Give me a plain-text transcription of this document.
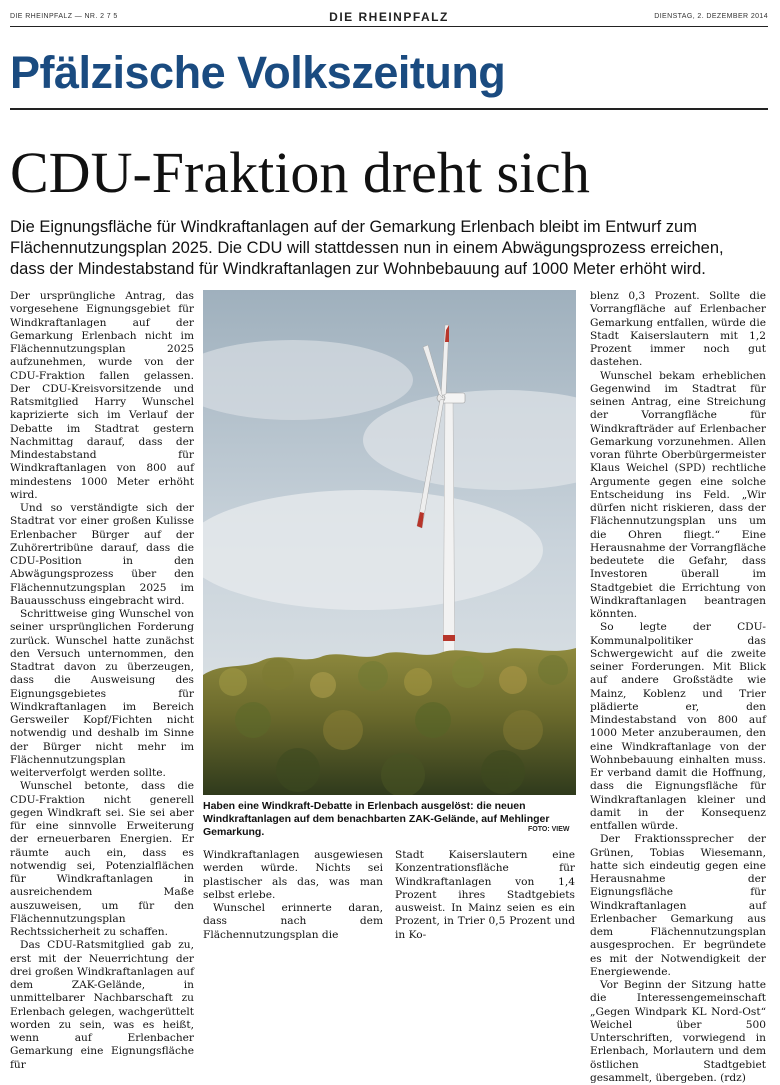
DIE RHEINPFALZ — NR. 2 7 5	DIE RHEINPFALZ	DIENSTAG, 2. DEZEMBER 2014
Pfälzische Volkszeitung
CDU-Fraktion dreht sich
Die Eignungsfläche für Windkraftanlagen auf der Gemarkung Erlenbach bleibt im Entwurf zum
Flächennutzungsplan 2025. Die CDU will stattdessen nun in einem Abwägungsprozess erreichen,
dass der Mindestabstand für Windkraftanlagen zur Wohnbebauung auf 1000 Meter erhöht wird.

Der ursprüngliche Antrag, das vorgesehene Eignungsgebiet für Windkraftanlagen auf der Gemarkung Erlenbach nicht im Flächennutzungsplan 2025 aufzunehmen, wurde von der CDU-Fraktion fallen gelassen. Der CDU-Kreisvorsitzende und Ratsmitglied Harry Wunschel kaprizierte sich im Verlauf der Debatte im Stadtrat gestern Nachmittag darauf, dass der Mindestabstand für Windkraftanlagen von 800 auf mindestens 1000 Meter erhöht wird.

Und so verständigte sich der Stadtrat vor einer großen Kulisse Erlenbacher Bürger auf der Zuhörertribüne darauf, dass die CDU-Position in den Abwägungsprozess über den Flächennutzungsplan 2025 im Bauausschuss eingebracht wird.

Schrittweise ging Wunschel von seiner ursprünglichen Forderung zurück. Wunschel hatte zunächst den Versuch unternommen, den Stadtrat davon zu überzeugen, dass die Ausweisung des Eignungsgebietes für Windkraftanlagen im Bereich Gersweiler Kopf/Fichten nicht notwendig und deshalb im Sinne der Bürger nicht mehr im Flächennutzungsplan weiterverfolgt werden sollte.

Wunschel betonte, dass die CDU-Fraktion nicht generell gegen Windkraft sei. Sie sei aber für eine sinnvolle Erweiterung der erneuerbaren Energien. Er räumte auch ein, dass es notwendig sei, Potenzialflächen für Windkraftanlagen in ausreichendem Maße auszuweisen, um für den Flächennutzungsplan Rechtssicherheit zu schaffen.

Das CDU-Ratsmitglied gab zu, erst mit der Neuerrichtung der drei großen Windkraftanlagen auf dem ZAK-Gelände, in unmittelbarer Nachbarschaft zu Erlenbach gelegen, wachgerüttelt worden zu sein, was es heißt, wenn auf Erlenbacher Gemarkung eine Eignungsfläche für

Haben eine Windkraft-Debatte in Erlenbach ausgelöst: die neuen Windkraftanlagen auf dem benachbarten ZAK-Gelände, auf Mehlinger Gemarkung.	FOTO: VIEW

Windkraftanlagen ausgewiesen werden würde. Nichts sei plastischer als das, was man selbst erlebe.

Wunschel erinnerte daran, dass nach dem Flächennutzungsplan die

Stadt Kaiserslautern eine Konzentrationsfläche für Windkraftanlagen von 1,4 Prozent ihres Stadtgebiets ausweist. In Mainz seien es ein Prozent, in Trier 0,5 Prozent und in Ko-

blenz 0,3 Prozent. Sollte die Vorrangfläche auf Erlenbacher Gemarkung entfallen, würde die Stadt Kaiserslautern mit 1,2 Prozent immer noch gut dastehen.

Wunschel bekam erheblichen Gegenwind im Stadtrat für seinen Antrag, eine Streichung der Vorrangfläche für Windkrafträder auf Erlenbacher Gemarkung vorzunehmen. Allen voran führte Oberbürgermeister Klaus Weichel (SPD) rechtliche Argumente gegen eine solche Entscheidung ins Feld. „Wir dürfen nicht riskieren, dass der Flächennutzungsplan uns um die Ohren fliegt.“ Eine Herausnahme der Vorrangfläche bedeutete die Gefahr, dass Investoren überall im Stadtgebiet die Errichtung von Windkraftanlagen beantragen könnten.

So legte der CDU-Kommunalpolitiker das Schwergewicht auf die zweite seiner Forderungen. Mit Blick auf andere Großstädte wie Mainz, Koblenz und Trier plädierte er, den Mindestabstand von 800 auf 1000 Meter anzuberaumen, den eine Windkraftanlage von der Wohnbebauung einhalten muss. Er verband damit die Hoffnung, dass die Eignungsfläche für Windkraftanlagen kleiner und damit in der Konsequenz entfallen würde.

Der Fraktionssprecher der Grünen, Tobias Wiesemann, hatte sich eindeutig gegen eine Herausnahme der Eignungsfläche für Windkraftanlagen auf Erlenbacher Gemarkung aus dem Flächennutzungsplan ausgesprochen. Er begründete es mit der Notwendigkeit der Energiewende.

Vor Beginn der Sitzung hatte die Interessengemeinschaft „Gegen Windpark KL Nord-Ost“ Weichel über 500 Unterschriften, vorwiegend in Erlenbach, Morlautern und dem östlichen Stadtgebiet gesammelt, übergeben. (rdz)
